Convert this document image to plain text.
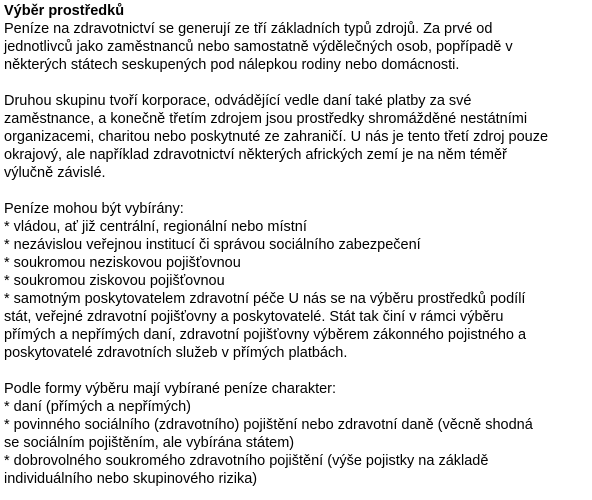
Výběr prostředků
Peníze na zdravotnictví se generují ze tří základních typů zdrojů. Za prvé od
jednotlivců jako zaměstnanců nebo samostatně výdělečných osob, popřípadě v
některých státech seskupených pod nálepkou rodiny nebo domácnosti.
Druhou skupinu tvoří korporace, odvádějící vedle daní také platby za své
zaměstnance, a konečně třetím zdrojem jsou prostředky shromážděné nestátními
organizacemi, charitou nebo poskytnuté ze zahraničí. U nás je tento třetí zdroj pouze
okrajový, ale například zdravotnictví některých afrických zemí je na něm téměř
výlučně závislé.
Peníze mohou být vybírány:
* vládou, ať již centrální, regionální nebo místní
* nezávislou veřejnou institucí či správou sociálního zabezpečení
* soukromou neziskovou pojišťovnou
* soukromou ziskovou pojišťovnou
* samotným poskytovatelem zdravotní péče U nás se na výběru prostředků podílí
stát, veřejné zdravotní pojišťovny a poskytovatelé. Stát tak činí v rámci výběru
přímých a nepřímých daní, zdravotní pojišťovny výběrem zákonného pojistného a
poskytovatelé zdravotních služeb v přímých platbách.
Podle formy výběru mají vybírané peníze charakter:
* daní (přímých a nepřímých)
* povinného sociálního (zdravotního) pojištění nebo zdravotní daně (věcně shodná
se sociálním pojištěním, ale vybírána státem)
* dobrovolného soukromého zdravotního pojištění (výše pojistky na základě
individuálního nebo skupinového rizika)
